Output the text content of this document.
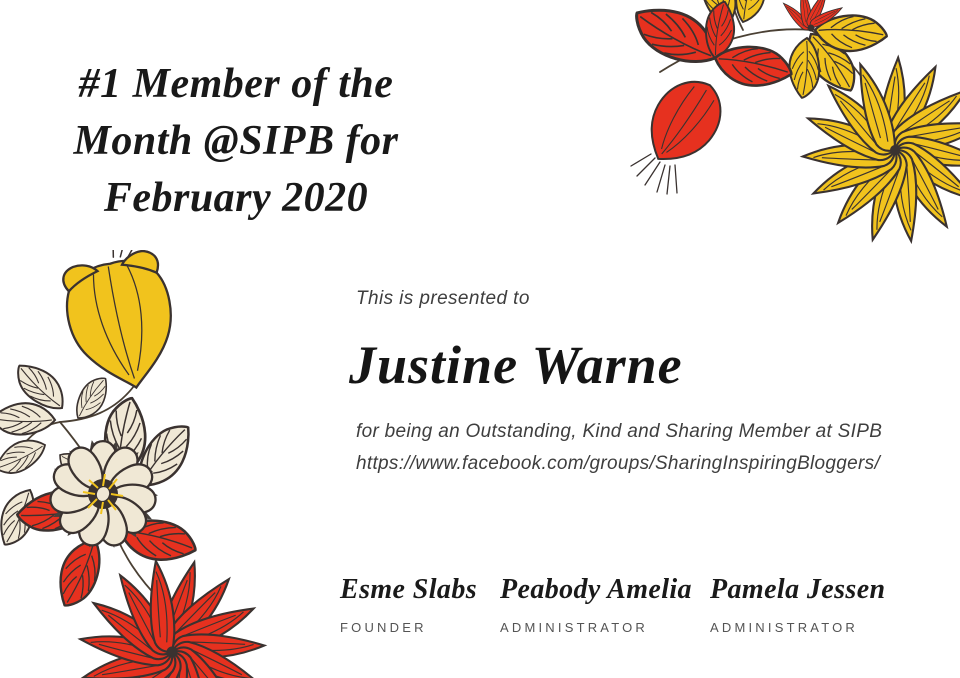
#1 Member of the
Month @SIPB for
February 2020
This is presented to
Justine Warne
for being an Outstanding, Kind and Sharing Member at SIPB
https://www.facebook.com/groups/SharingInspiringBloggers/
Esme Slabs
FOUNDER
Peabody Amelia
ADMINISTRATOR
Pamela Jessen
ADMINISTRATOR
